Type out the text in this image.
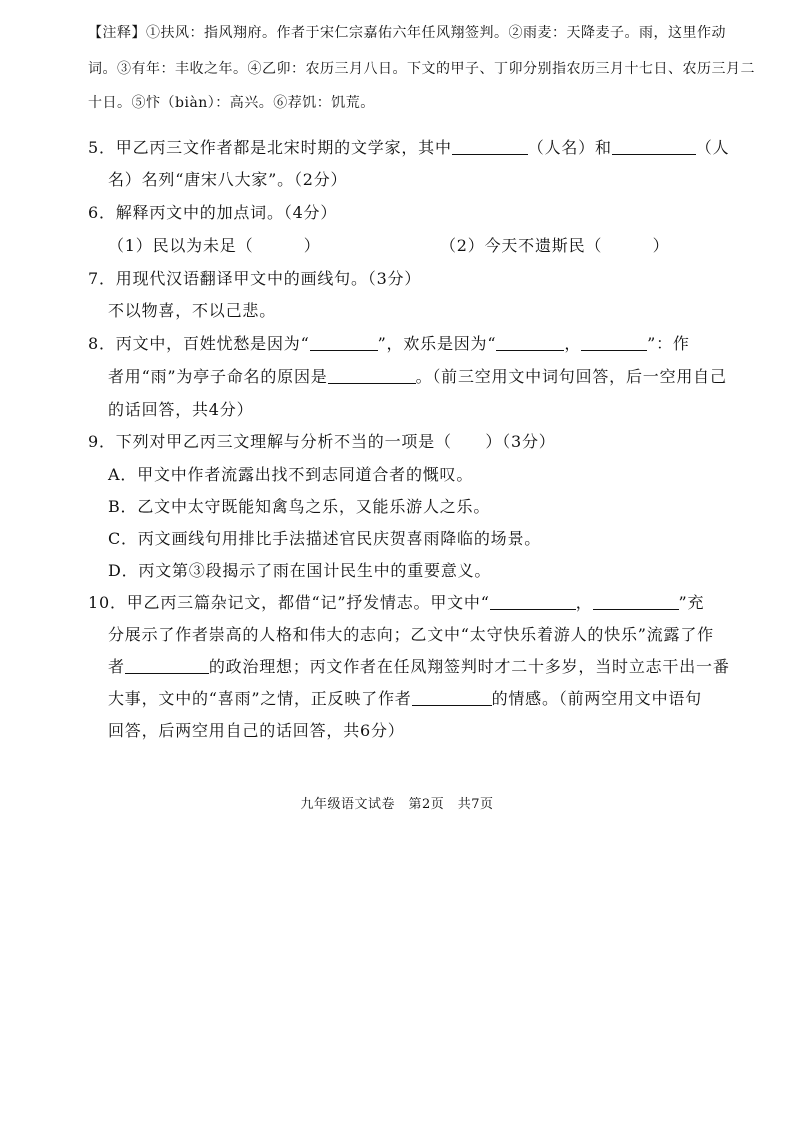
【注释】①扶风：指风翔府。作者于宋仁宗嘉佑六年任风翔签判。②雨麦：天降麦子。雨，这里作动
词。③有年：丰收之年。④乙卯：农历三月八日。下文的甲子、丁卯分别指农历三月十七日、农历三月二
十日。⑤忭（biàn）：高兴。⑥荐饥：饥荒。
5．甲乙丙三文作者都是北宋时期的文学家，其中	（人名）和	（人
名）名列“唐宋八大家”。（2分）
6．解释丙文中的加点词。（4分）
（1）民以为未足（　　　）	（2）今天不遗斯民（　　　）
7．用现代汉语翻译甲文中的画线句。（3分）
不以物喜，不以己悲。
8．丙文中，百姓忧愁是因为“	”，欢乐是因为“	，	”：作
者用“雨”为亭子命名的原因是	。（前三空用文中词句回答，后一空用自己
的话回答，共4分）
9．下列对甲乙丙三文理解与分析不当的一项是（　　）（3分）
A．甲文中作者流露出找不到志同道合者的慨叹。
B．乙文中太守既能知禽鸟之乐，又能乐游人之乐。
C．丙文画线句用排比手法描述官民庆贺喜雨降临的场景。
D．丙文第③段揭示了雨在国计民生中的重要意义。
10．甲乙丙三篇杂记文，都借“记”抒发情志。甲文中“	，	”充
分展示了作者崇高的人格和伟大的志向；乙文中“太守快乐着游人的快乐”流露了作
者	的政治理想；丙文作者在任凤翔签判时才二十多岁，当时立志干出一番
大事，文中的“喜雨”之情，正反映了作者	的情感。（前两空用文中语句
回答，后两空用自己的话回答，共6分）
九年级语文试卷　第2页　共7页
